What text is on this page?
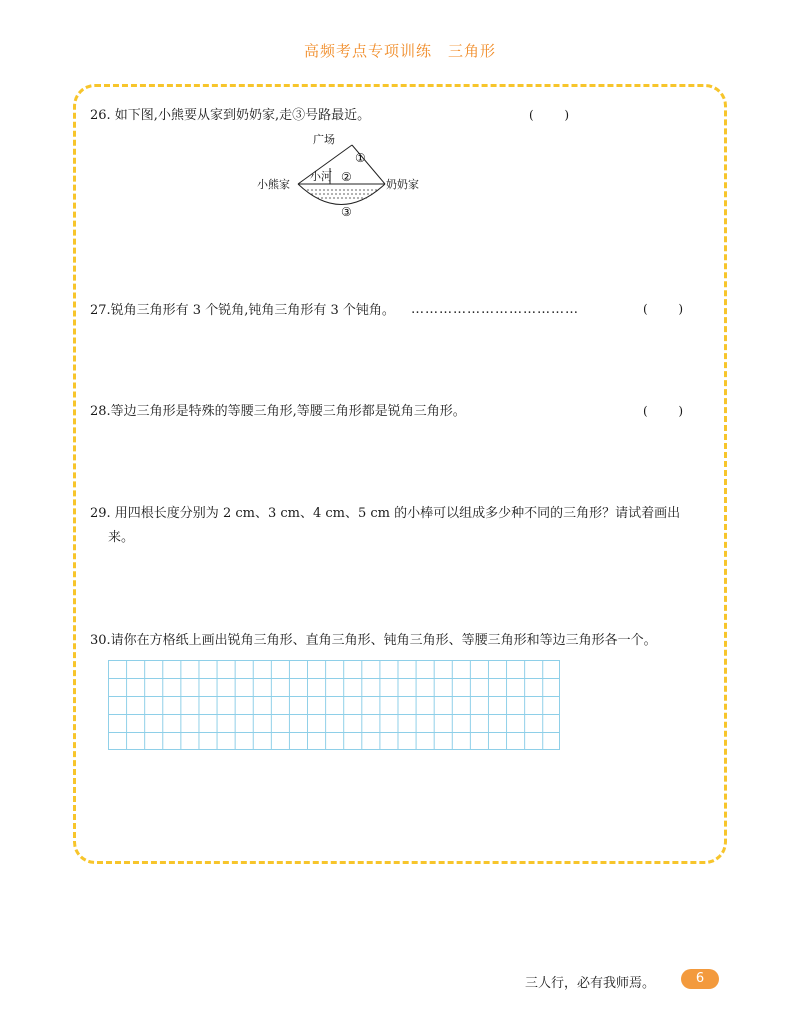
高频考点专项训练　三角形
26. 如下图,小熊要从家到奶奶家,走③号路最近。	(	)
广场
①
小熊家
小河 ②
奶奶家
③
27.锐角三角形有 3 个锐角,钝角三角形有 3 个钝角。 ………………………………	(	)
28.等边三角形是特殊的等腰三角形,等腰三角形都是锐角三角形。	(	)
29. 用四根长度分别为 2 cm、3 cm、4 cm、5 cm 的小棒可以组成多少种不同的三角形？请试着画出
来。
30.请你在方格纸上画出锐角三角形、直角三角形、钝角三角形、等腰三角形和等边三角形各一个。
三人行，必有我师焉。	6
